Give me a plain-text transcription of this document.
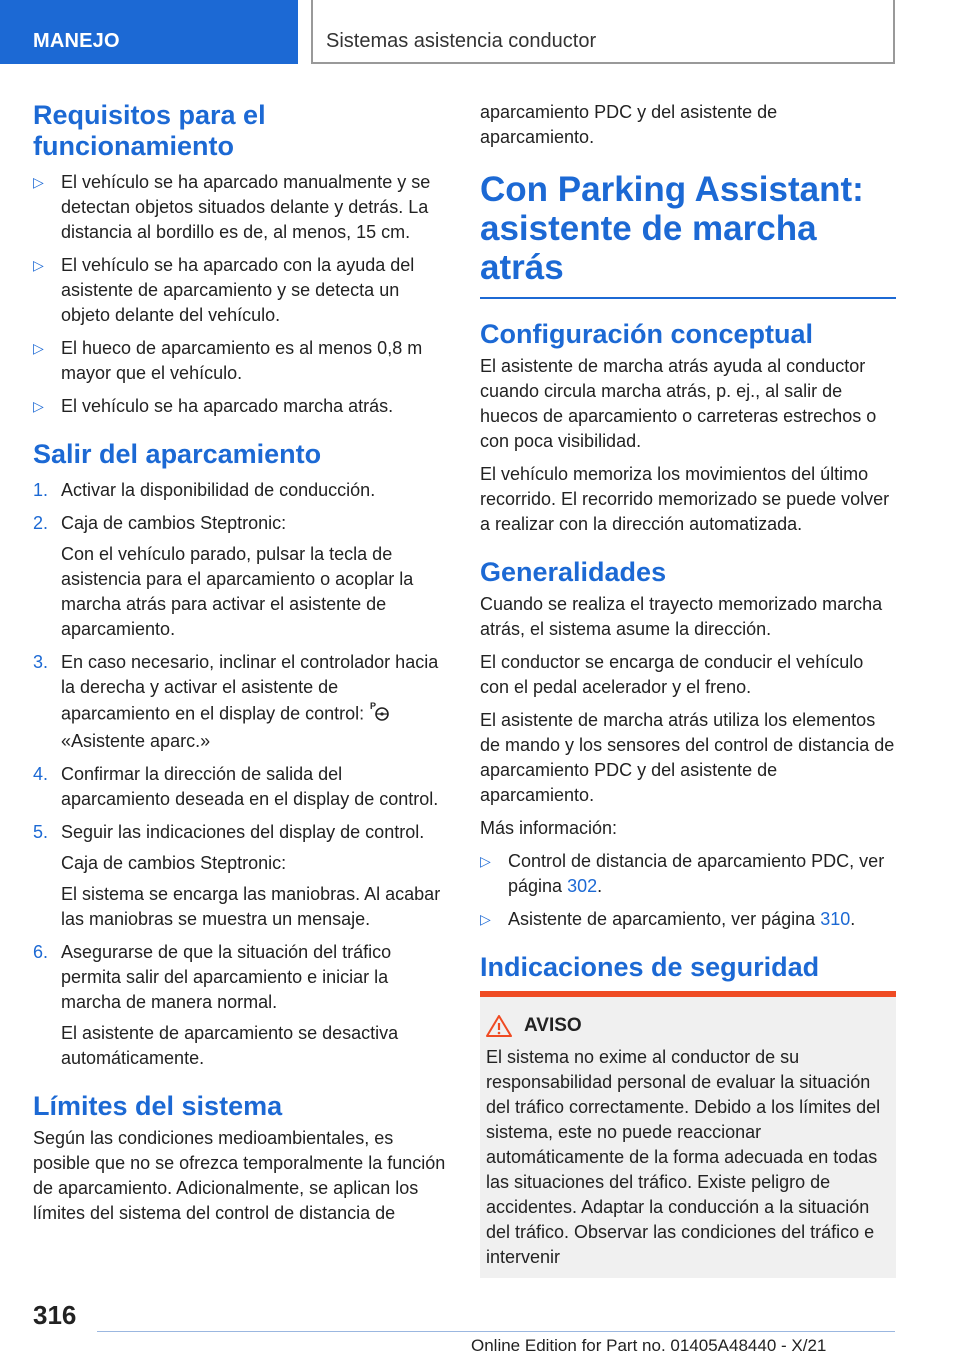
MANEJO	Sistemas asistencia conductor
Requisitos para el funcionamiento
▷ El vehículo se ha aparcado manualmente y se detectan objetos situados delante y detrás. La distancia al bordillo es de, al menos, 15 cm.
▷ El vehículo se ha aparcado con la ayuda del asistente de aparcamiento y se detecta un objeto delante del vehículo.
▷ El hueco de aparcamiento es al menos 0,8 m mayor que el vehículo.
▷ El vehículo se ha aparcado marcha atrás.
Salir del aparcamiento
1. Activar la disponibilidad de conducción.
2. Caja de cambios Steptronic:

Con el vehículo parado, pulsar la tecla de asistencia para el aparcamiento o acoplar la marcha atrás para activar el asistente de aparcamiento.

3. En caso necesario, inclinar el controlador hacia la derecha y activar el asistente de aparcamiento en el display de control: P

«Asistente aparc.»
4. Confirmar la dirección de salida del aparcamiento deseada en el display de control.
5. Seguir las indicaciones del display de control.

Caja de cambios Steptronic:

El sistema se encarga las maniobras. Al acabar las maniobras se muestra un mensaje.

6. Asegurarse de que la situación del tráfico permita salir del aparcamiento e iniciar la marcha de manera normal.

El asistente de aparcamiento se desactiva automáticamente.

Límites del sistema

Según las condiciones medioambientales, es posible que no se ofrezca temporalmente la función de aparcamiento. Adicionalmente, se aplican los límites del sistema del control de distancia de

aparcamiento PDC y del asistente de aparcamiento.

Con Parking Assistant: asistente de marcha atrás
Configuración conceptual

El asistente de marcha atrás ayuda al conductor cuando circula marcha atrás, p. ej., al salir de huecos de aparcamiento o carreteras estrechos o con poca visibilidad.

El vehículo memoriza los movimientos del último recorrido. El recorrido memorizado se puede volver a realizar con la dirección automatizada.

Generalidades

Cuando se realiza el trayecto memorizado marcha atrás, el sistema asume la dirección.

El conductor se encarga de conducir el vehículo con el pedal acelerador y el freno.

El asistente de marcha atrás utiliza los elementos de mando y los sensores del control de distancia de aparcamiento PDC y del asistente de aparcamiento.

Más información:

▷ Control de distancia de aparcamiento PDC, ver página 302.
▷ Asistente de aparcamiento, ver página 310.
Indicaciones de seguridad
AVISO

El sistema no exime al conductor de su responsabilidad personal de evaluar la situación del tráfico correctamente. Debido a los límites del sistema, este no puede reaccionar automáticamente de la forma adecuada en todas las situaciones del tráfico. Existe peligro de accidentes. Adaptar la conducción a la situación del tráfico. Observar las condiciones del tráfico e intervenir

316
Online Edition for Part no. 01405A48440 - X/21
